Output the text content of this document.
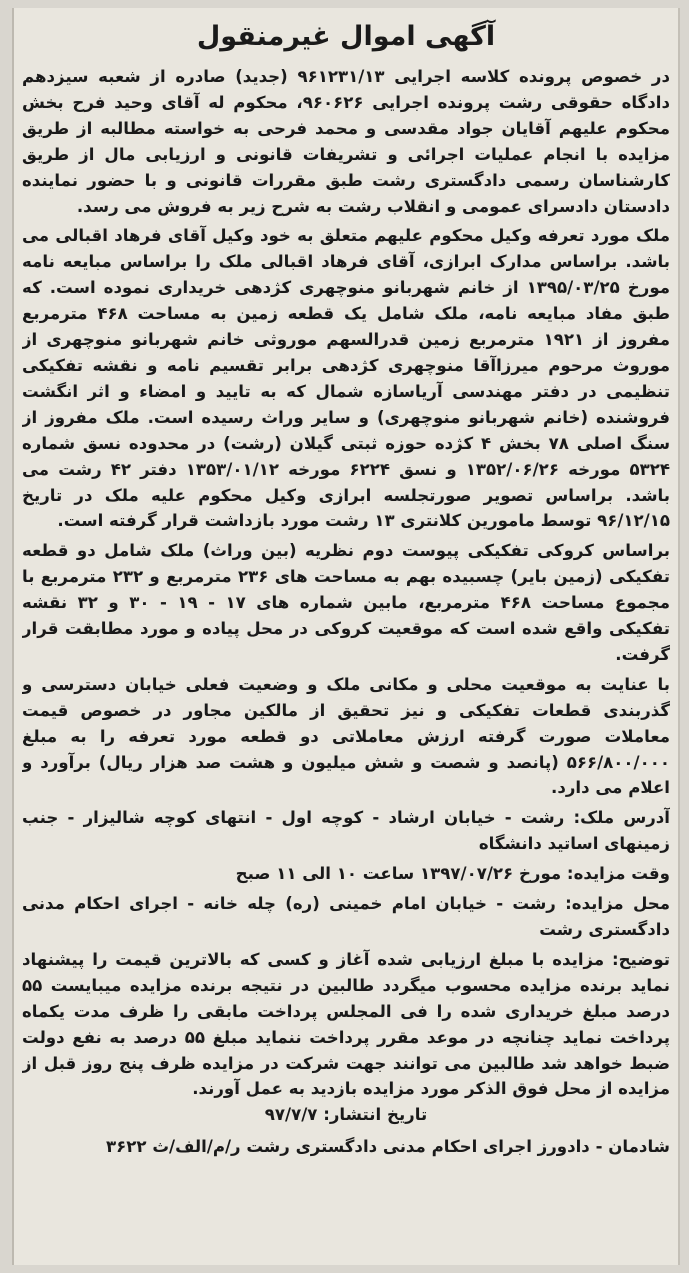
آگهی اموال غیرمنقول

در خصوص پرونده کلاسه اجرایی ۹۶۱۲۳۱/۱۳ (جدید) صادره از شعبه سیزدهم دادگاه حقوقی رشت پرونده اجرایی ۹۶۰۶۲۶، محکوم له آقای وحید فرح بخش محکوم علیهم آقایان جواد مقدسی و محمد فرحی به خواسته مطالبه از طریق مزایده با انجام عملیات اجرائی و تشریفات قانونی و ارزیابی مال از طریق کارشناسان رسمی دادگستری رشت طبق مقررات قانونی و با حضور نماینده دادستان دادسرای عمومی و انقلاب رشت به شرح زیر به فروش می رسد.

ملک مورد تعرفه وکیل محکوم علیهم متعلق به خود وکیل آقای فرهاد اقبالی می باشد. براساس مدارک ابرازی، آقای فرهاد اقبالی ملک را براساس مبایعه نامه مورخ ۱۳۹۵/۰۳/۲۵ از خانم شهربانو منوچهری کژدهی خریداری نموده است. که طبق مفاد مبایعه نامه، ملک شامل یک قطعه زمین به مساحت ۴۶۸ مترمربع مفروز از ۱۹۲۱ مترمربع زمین قدرالسهم موروثی خانم شهربانو منوچهری از موروث مرحوم میرزاآقا منوچهری کژدهی برابر تقسیم نامه و نقشه تفکیکی تنظیمی در دفتر مهندسی آریاسازه شمال که به تایید و امضاء و اثر انگشت فروشنده (خانم شهربانو منوچهری) و سایر وراث رسیده است. ملک مفروز از سنگ اصلی ۷۸ بخش ۴ کژده حوزه ثبتی گیلان (رشت) در محدوده نسق شماره ۵۳۲۴ مورخه ۱۳۵۲/۰۶/۲۶ و نسق ۶۲۲۴ مورخه ۱۳۵۳/۰۱/۱۲ دفتر ۴۲ رشت می باشد. براساس تصویر صورتجلسه ابرازی وکیل محکوم علیه ملک در تاریخ ۹۶/۱۲/۱۵ توسط مامورین کلانتری ۱۳ رشت مورد بازداشت قرار گرفته است.

براساس کروکی تفکیکی پیوست دوم نظریه (بین وراث) ملک شامل دو قطعه تفکیکی (زمین بایر) چسبیده بهم به مساحت های ۲۳۶ مترمربع و ۲۳۲ مترمربع با مجموع مساحت ۴۶۸ مترمربع، مابین شماره های ۱۷ - ۱۹ - ۳۰ و ۳۲ نقشه تفکیکی واقع شده است که موقعیت کروکی در محل پیاده و مورد مطابقت قرار گرفت.

با عنایت به موقعیت محلی و مکانی ملک و وضعیت فعلی خیابان دسترسی و گذربندی قطعات تفکیکی و نیز تحقیق از مالکین مجاور در خصوص قیمت معاملات صورت گرفته ارزش معاملاتی دو قطعه مورد تعرفه را به مبلغ ۵۶۶/۸۰۰/۰۰۰ (پانصد و شصت و شش میلیون و هشت صد هزار ریال) برآورد و اعلام می دارد.

آدرس ملک: رشت - خیابان ارشاد - کوچه اول - انتهای کوچه شالیزار - جنب زمینهای اساتید دانشگاه

وقت مزایده: مورخ ۱۳۹۷/۰۷/۲۶ ساعت ۱۰ الی ۱۱ صبح

محل مزایده: رشت - خیابان امام خمینی (ره) چله خانه - اجرای احکام مدنی دادگستری رشت

توضیح: مزایده با مبلغ ارزیابی شده آغاز و کسی که بالاترین قیمت را پیشنهاد نماید برنده مزایده محسوب میگردد طالبین در نتیجه برنده مزایده میبایست ۵۵ درصد مبلغ خریداری شده را فی المجلس پرداخت مابقی را ظرف مدت یکماه پرداخت نماید چنانچه در موعد مقرر پرداخت ننماید مبلغ ۵۵ درصد به نفع دولت ضبط خواهد شد طالبین می توانند جهت شرکت در مزایده ظرف پنج روز قبل از مزایده از محل فوق الذکر مورد مزایده بازدید به عمل آورند.

تاریخ انتشار: ۹۷/۷/۷

شادمان - دادورز اجرای احکام مدنی دادگستری رشت ر/م/الف/ث ۳۶۲۲
